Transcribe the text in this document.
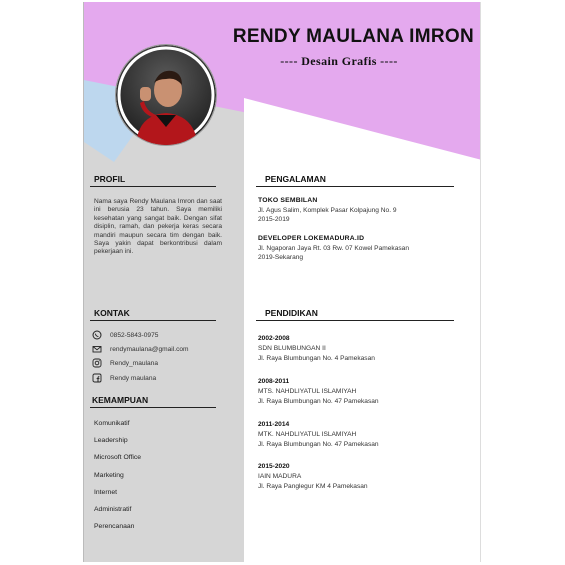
RENDY MAULANA IMRON
---- Desain Grafis ----
PROFIL
Nama saya Rendy Maulana Imron dan saat ini berusia 23 tahun. Saya memiliki kesehatan yang sangat baik. Dengan sifat disiplin, ramah, dan pekerja keras secara mandiri maupun secara tim dengan baik. Saya yakin dapat berkontribusi dalam pekerjaan ini.
KONTAK
0852-5843-0975
rendymaulana@gmail.com
Rendy_maulana
Rendy maulana
KEMAMPUAN
Komunikatif
Leadership
Microsoft Office
Marketing
Internet
Administratif
Perencanaan
PENGALAMAN
TOKO SEMBILAN
Jl. Agus Salim, Komplek Pasar Kolpajung No. 9
2015-2019
DEVELOPER LOKEMADURA.ID
Jl. Ngaporan Jaya Rt. 03 Rw. 07 Kowel Pamekasan
2019-Sekarang
PENDIDIKAN
2002-2008
SDN BLUMBUNGAN II
Jl. Raya Blumbungan No. 4 Pamekasan
2008-2011
MTS. NAHDLIYATUL ISLAMIYAH
Jl. Raya Blumbungan No. 47 Pamekasan
2011-2014
MTK. NAHDLIYATUL ISLAMIYAH
Jl. Raya Blumbungan No. 47 Pamekasan
2015-2020
IAIN MADURA
Jl. Raya Panglegur KM 4 Pamekasan
